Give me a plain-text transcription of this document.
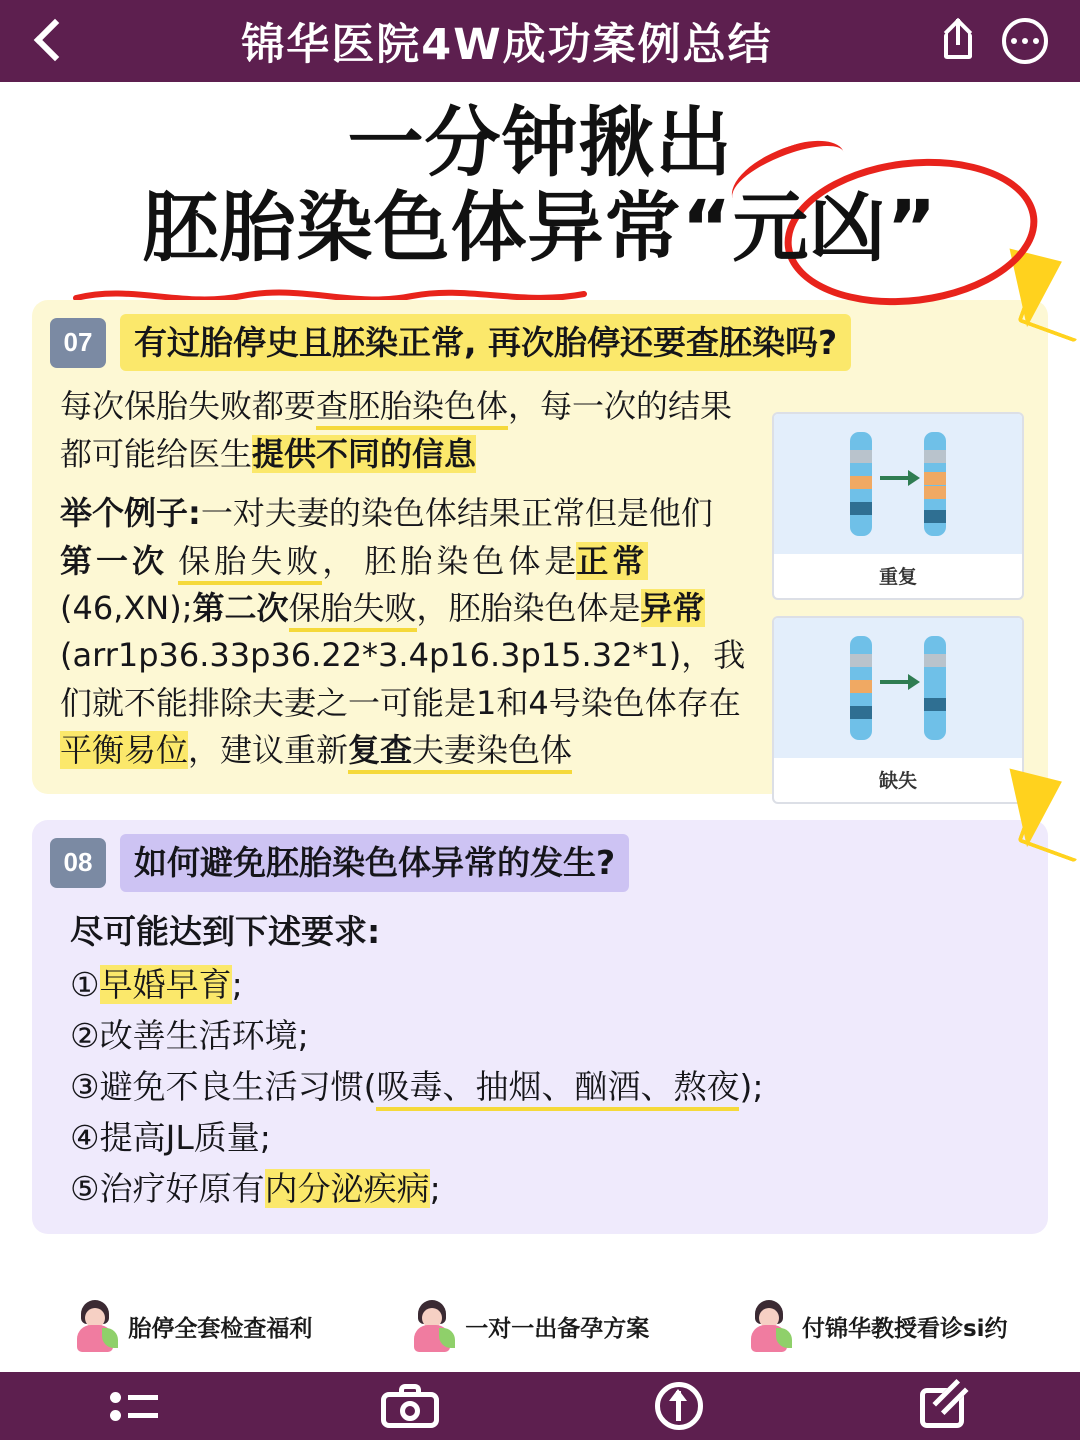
锦华医院4W成功案例总结
一分钟揪出
胚胎染色体异常“元凶”
07	有过胎停史且胚染正常, 再次胎停还要查胚染吗?
重复
缺失
每次保胎失败都要查胚胎染色体，每一次的结果都可能给医生提供不同的信息
举个例子:一对夫妻的染色体结果正常但是他们 第一次 保胎失败， 胚胎染色体是正常(46,XN);第二次保胎失败，胚胎染色体是异常(arr1p36.33p36.22*3.4p16.3p15.32*1)，我们就不能排除夫妻之一可能是1和4号染色体存在平衡易位，建议重新复查夫妻染色体
08	如何避免胚胎染色体异常的发生?
尽可能达到下述要求:
①早婚早育;
②改善生活环境;
③避免不良生活习惯(吸毒、抽烟、酗酒、熬夜);
④提高JL质量;
⑤治疗好原有内分泌疾病;
胎停全套检查福利	一对一出备孕方案	付锦华教授看诊si约
